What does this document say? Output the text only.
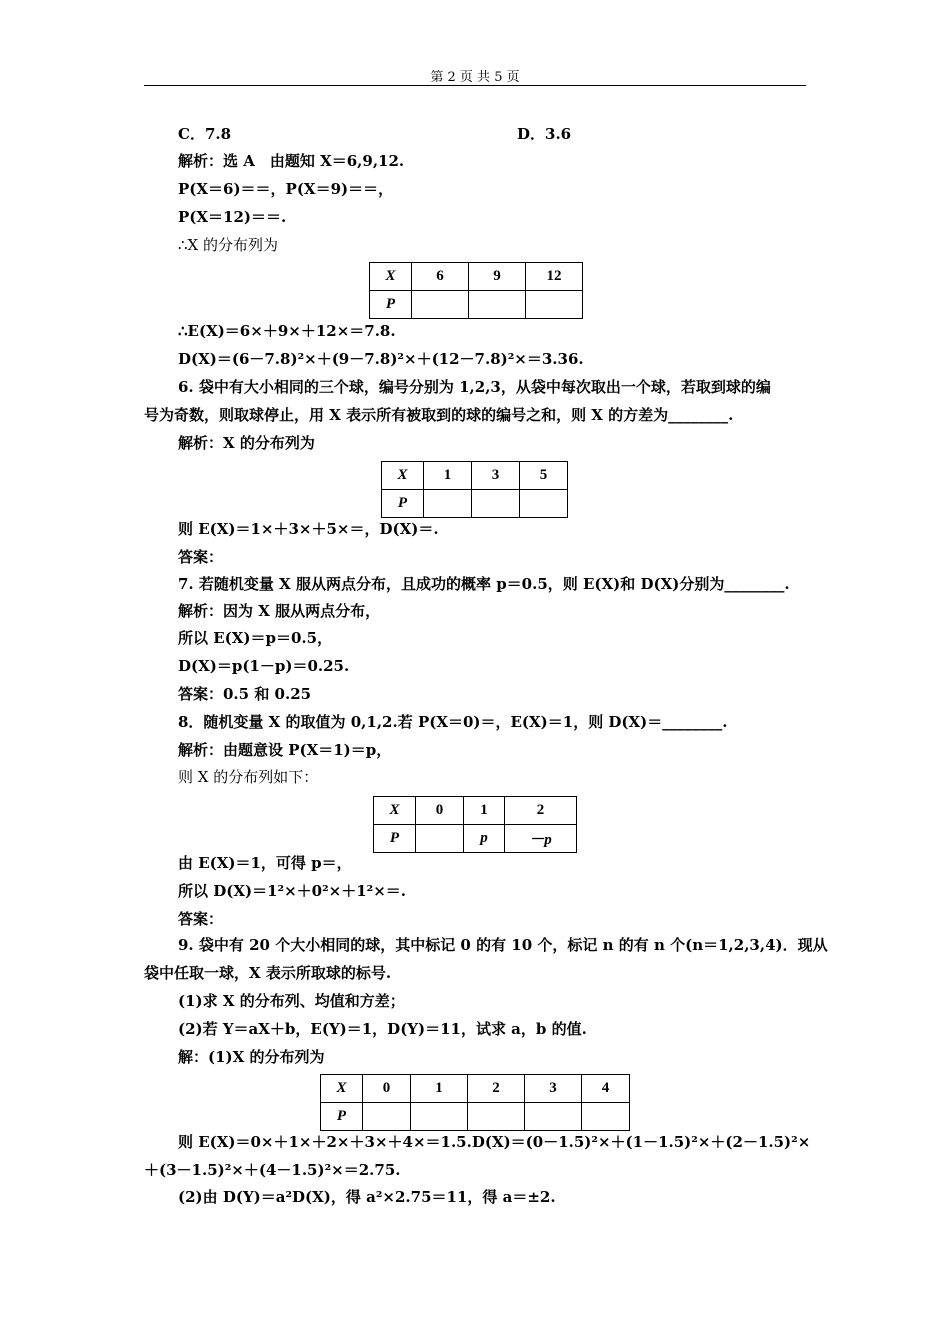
第 2 页 共 5 页
C．7.8	D．3.6
解析：选 A　由题知 X＝6,9,12.
P(X＝6)＝＝，P(X＝9)＝＝，
P(X＝12)＝＝.
∴X 的分布列为
X	6	9	12
P			
∴E(X)＝6×＋9×＋12×＝7.8.
D(X)＝(6－7.8)²×＋(9－7.8)²×＋(12－7.8)²×＝3.36.
6. 袋中有大小相同的三个球，编号分别为 1,2,3，从袋中每次取出一个球，若取到球的编
号为奇数，则取球停止，用 X 表示所有被取到的球的编号之和，则 X 的方差为________.
解析：X 的分布列为
X	1	3	5
P			
则 E(X)＝1×＋3×＋5×＝，D(X)＝.
答案：
7. 若随机变量 X 服从两点分布，且成功的概率 p＝0.5，则 E(X)和 D(X)分别为________.
解析：因为 X 服从两点分布，
所以 E(X)＝p＝0.5，
D(X)＝p(1－p)＝0.25.
答案：0.5 和 0.25
8．随机变量 X 的取值为 0,1,2.若 P(X＝0)＝，E(X)＝1，则 D(X)＝________.
解析：由题意设 P(X＝1)＝p，
则 X 的分布列如下：
X	0	1	2
P		p	－p
由 E(X)＝1，可得 p＝，
所以 D(X)＝1²×＋0²×＋1²×＝.
答案：
9. 袋中有 20 个大小相同的球，其中标记 0 的有 10 个，标记 n 的有 n 个(n＝1,2,3,4)．现从
袋中任取一球，X 表示所取球的标号.
(1)求 X 的分布列、均值和方差；
(2)若 Y＝aX＋b，E(Y)＝1，D(Y)＝11，试求 a，b 的值.
解：(1)X 的分布列为
X	0	1	2	3	4
P					
则 E(X)＝0×＋1×＋2×＋3×＋4×＝1.5.D(X)＝(0－1.5)²×＋(1－1.5)²×＋(2－1.5)²×
＋(3－1.5)²×＋(4－1.5)²×＝2.75.
(2)由 D(Y)＝a²D(X)，得 a²×2.75＝11，得 a＝±2.
